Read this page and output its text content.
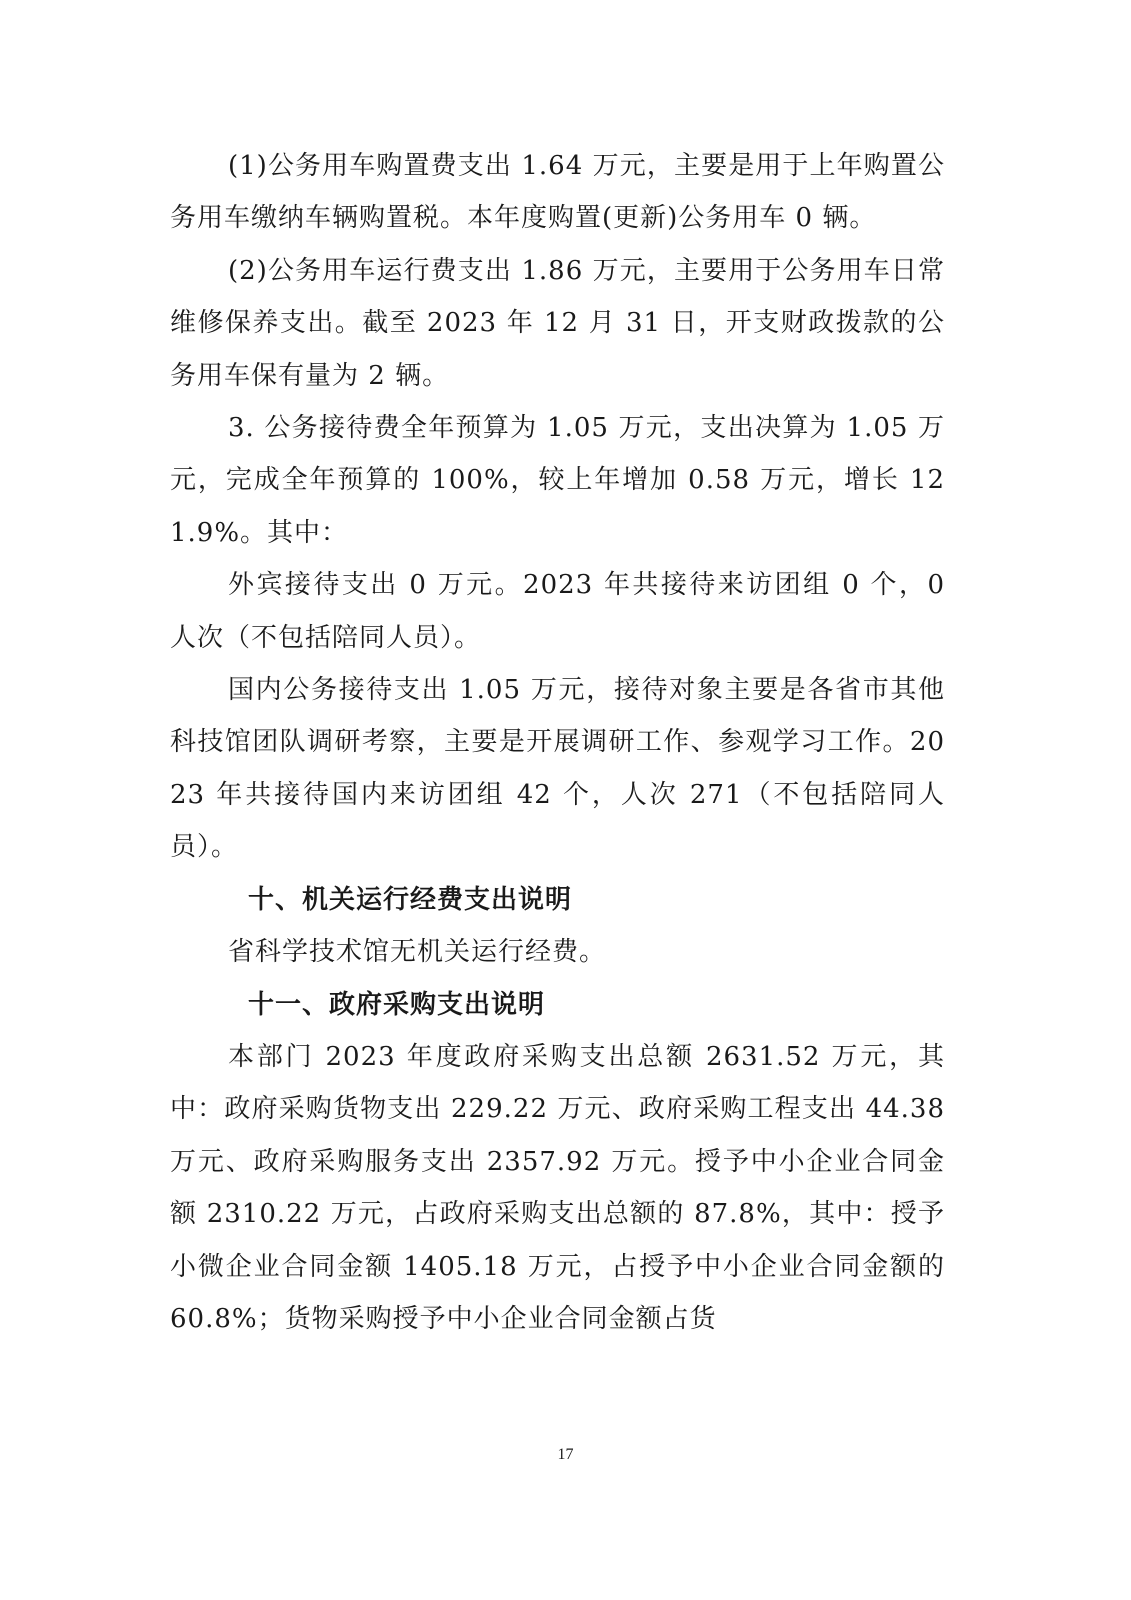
(1)公务用车购置费支出 1.64 万元，主要是用于上年购置公务用车缴纳车辆购置税。本年度购置(更新)公务用车 0 辆。

(2)公务用车运行费支出 1.86 万元，主要用于公务用车日常维修保养支出。截至 2023 年 12 月 31 日，开支财政拨款的公务用车保有量为 2 辆。

3. 公务接待费全年预算为 1.05 万元，支出决算为 1.05 万元，完成全年预算的 100%，较上年增加 0.58 万元，增长 121.9%。其中：

外宾接待支出 0 万元。2023 年共接待来访团组 0 个，0 人次（不包括陪同人员）。

国内公务接待支出 1.05 万元，接待对象主要是各省市其他科技馆团队调研考察，主要是开展调研工作、参观学习工作。2023 年共接待国内来访团组 42 个，人次 271（不包括陪同人员）。

十、机关运行经费支出说明

省科学技术馆无机关运行经费。

十一、政府采购支出说明

本部门 2023 年度政府采购支出总额 2631.52 万元，其中：政府采购货物支出 229.22 万元、政府采购工程支出 44.38 万元、政府采购服务支出 2357.92 万元。授予中小企业合同金额 2310.22 万元，占政府采购支出总额的 87.8%，其中：授予小微企业合同金额 1405.18 万元，占授予中小企业合同金额的 60.8%；货物采购授予中小企业合同金额占货

17
